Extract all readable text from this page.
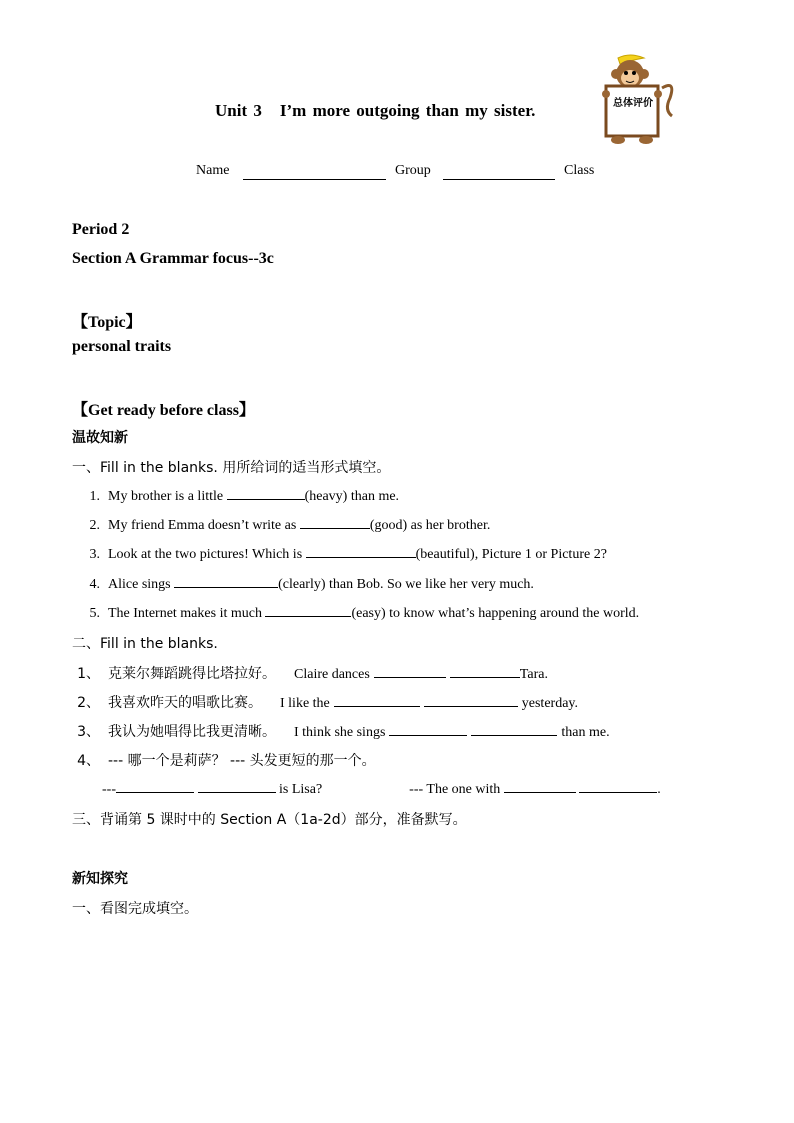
Unit 3 I’m more outgoing than my sister.	总体评价
Name	Group	Class
Period 2
Section A Grammar focus--3c
【Topic】
personal traits
【Get ready before class】
温故知新
一、Fill in the blanks. 用所给词的适当形式填空。
1. My brother is a little	(heavy) than me.
2. My friend Emma doesn’t write as	(good) as her brother.
3. Look at the two pictures! Which is	(beautiful), Picture 1 or Picture 2?
4. Alice sings	(clearly) than Bob. So we like her very much.
5. The Internet makes it much	(easy) to know what’s happening around the world.
二、Fill in the blanks.
1、 克莱尔舞蹈跳得比塔拉好。 Claire dances	Tara.
2、 我喜欢昨天的唱歌比赛。 I like the	yesterday.
3、 我认为她唱得比我更清晰。 I think she sings	than me.
4、 --- 哪一个是莉萨？ --- 头发更短的那一个。
---	is Lisa?	--- The one with	.
三、背诵第 5 课时中的 Section A（1a-2d）部分，准备默写。
新知探究
一、看图完成填空。
